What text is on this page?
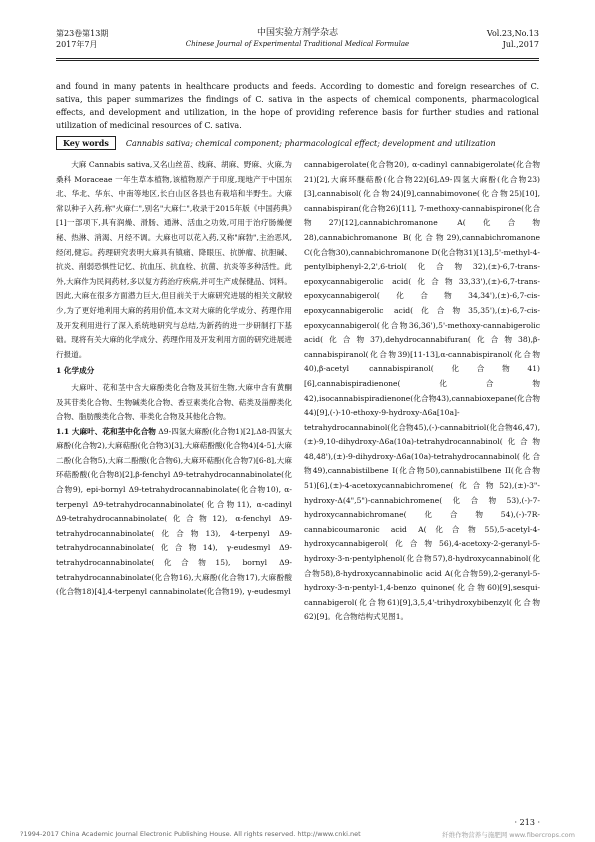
第23卷第13期
2017年7月
中国实验方剂学杂志
Chinese Journal of Experimental Traditional Medical Formulae
Vol.23,No.13
Jul.,2017
and found in many patents in healthcare products and feeds. According to domestic and foreign researches of C. sativa, this paper summarizes the findings of C. sativa in the aspects of chemical components, pharmacological effects, and development and utilization, in the hope of providing reference basis for further studies and rational utilization of medicinal resources of C. sativa.
Key words Cannabis sativa; chemical component; pharmacological effect; development and utilization

大麻 Cannabis sativa,又名山丝苗、线麻、胡麻、野麻、火麻,为桑科 Moraceae 一年生草本植物,该植物原产于印度,现地产于中国东北、华北、华东、中南等地区,长白山区各县也有栽培和半野生。大麻常以种子入药,称"火麻仁",别名"大麻仁",收录于2015年版《中国药典》[1]一部项下,具有润燥、滑肠、通淋、活血之功效,可用于治疗肠燥便秘、热淋、消渴、月经不调。大麻也可以花入药,又称"麻勃",主治恶风,经闭,健忘。药理研究表明大麻具有镇痛、降眼压、抗肿瘤、抗胆碱、抗炎、削弱恐惧性记忆、抗血压、抗血栓、抗菌、抗炎等多种活性。此外,大麻作为民间药材,多以复方药治疗疾病,并可生产成保健品、饲料。因此,大麻在很多方面潜力巨大,但目前关于大麻研究进展的相关文献较少,为了更好地利用大麻的药用价值,本文对大麻的化学成分、药理作用及开发利用进行了深入系统地研究与总结,为新药的进一步研制打下基础。现将有关大麻的化学成分、药理作用及开发利用方面的研究进展进行报道。

1 化学成分

大麻叶、花和茎中含大麻酚类化合物及其衍生物,大麻中含有黄酮及其苷类化合物、生物碱类化合物、香豆素类化合物、萜类及甾醇类化合物、脂肪酸类化合物、菲类化合物及其他化合物。

1.1 大麻叶、花和茎中化合物 Δ9-四氢大麻酚(化合物1)[2],Δ8-四氢大麻酚(化合物2),大麻萜酚(化合物3)[3],大麻萜酚酸(化合物4)[4-5],大麻二酚(化合物5),大麻二酚酸(化合物6),大麻环萜酚(化合物7)[6-8],大麻环萜酚酸(化合物8)[2],β-fenchyl Δ9-tetrahydrocannabinolate(化合物9), epi-bornyl Δ9-tetrahydrocannabinolate(化合物10), α-terpenyl Δ9-tetrahydrocannabinolate(化合物11), α-cadinyl Δ9-tetrahydrocannabinolate(化合物12), α-fenchyl Δ9-tetrahydrocannabinolate(化合物13), 4-terpenyl Δ9-tetrahydrocannabinolate(化合物14), γ-eudesmyl Δ9-tetrahydrocannabinolate(化合物15), bornyl Δ9-tetrahydrocannabinolate(化合物16),大麻酚(化合物17),大麻酚酸(化合物18)[4],4-terpenyl cannabinolate(化合物19), γ-eudesmyl

cannabigerolate(化合物20), α-cadinyl cannabigerolate(化合物21)[2],大麻环醚萜酚(化合物22)[6],Δ9-四氢大麻酚(化合物23)[3],cannabisol(化合物24)[9],cannabimovone(化合物25)[10], cannabispiran(化合物26)[11], 7-methoxy-cannabispirone(化合物27)[12],cannabichromanone A(化合物28),cannabichromanone B(化合物29),cannabichromanone C(化合物30),cannabichromanone D(化合物31)[13],5'-methyl-4-pentylbiphenyl-2,2',6-triol(化合物32),(±)-6,7-trans-epoxycannabigerolic acid(化合物33,33'),(±)-6,7-trans-epoxycannabigerol(化合物34,34'),(±)-6,7-cis-epoxycannabigerolic acid(化合物35,35'),(±)-6,7-cis-epoxycannabigerol(化合物36,36'),5'-methoxy-cannabigerolic acid(化合物37),dehydrocannabifuran(化合物38),β-cannabispiranol(化合物39)[11-13],α-cannabispiranol(化合物40),β-acetyl cannabispiranol(化合物41)[6],cannabispiradienone(化合物42),isocannabispiradienone(化合物43),cannabioxepane(化合物44)[9],(-)-10-ethoxy-9-hydroxy-Δ6a[10a]-tetrahydrocannabinol(化合物45),(-)-cannabitriol(化合物46,47),(±)-9,10-dihydroxy-Δ6a(10a)-tetrahydrocannabinol(化合物48,48'),(±)-9-dihydroxy-Δ6a(10a)-tetrahydrocannabinol(化合物49),cannabistilbene I(化合物50),cannabistilbene II(化合物51)[6],(±)-4-acetoxycannabichromene(化合物52),(±)-3"-hydroxy-Δ(4",5")-cannabichromene(化合物53),(-)-7-hydroxycannabichromane(化合物54),(-)-7R-cannabicoumaronic acid A(化合物55),5-acetyl-4-hydroxycannabigerol(化合物56),4-acetoxy-2-geranyl-5-hydroxy-3-n-pentylphenol(化合物57),8-hydroxycannabinol(化合物58),8-hydroxycannabinolic acid A(化合物59),2-geranyl-5-hydroxy-3-n-pentyl-1,4-benzo quinone(化合物60)[9],sesqui-cannabigerol(化合物61)[9],3,5,4'-trihydroxybibenzyl(化合物62)[9]。化合物结构式见图1。

· 213 ·
?1994-2017 China Academic Journal Electronic Publishing House. All rights reserved. http://www.cnki.net	纤维作物营养与施肥网 www.fibercrops.com
